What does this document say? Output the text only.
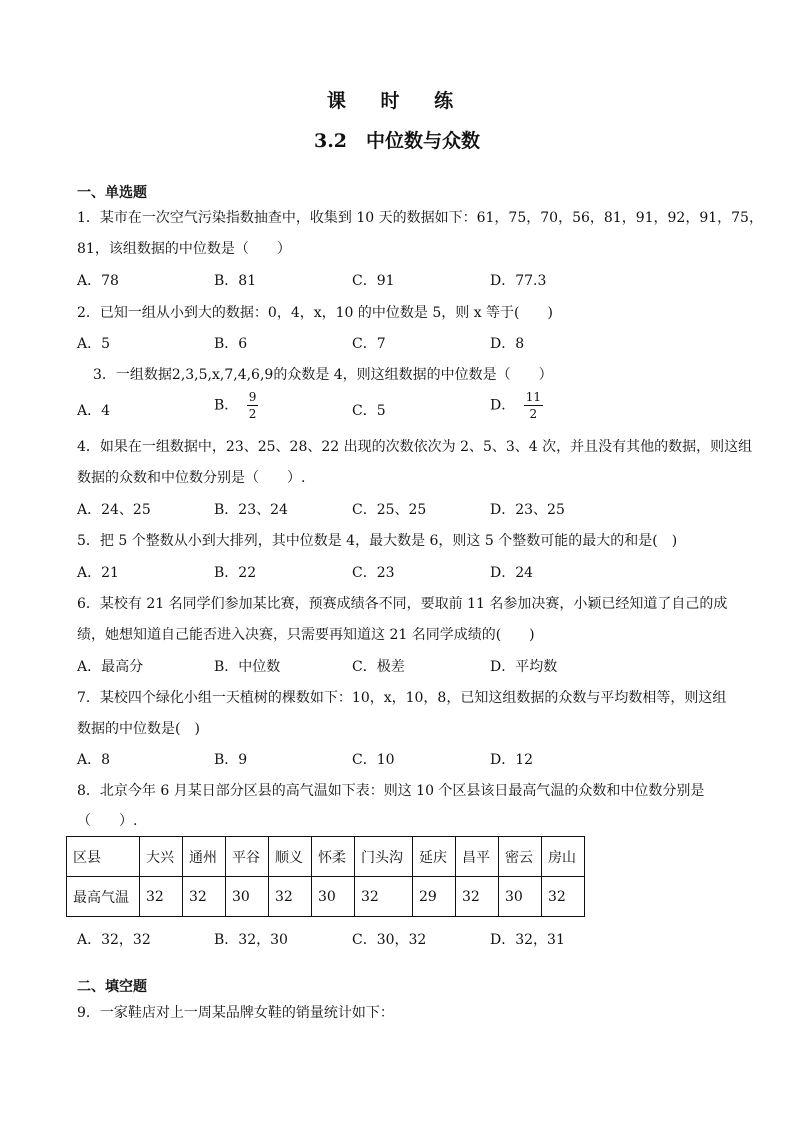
课 时 练
3.2　中位数与众数
一、单选题
1．某市在一次空气污染指数抽查中，收集到 10 天的数据如下：61，75，70，56，81，91，92，91，75，
81，该组数据的中位数是（　　）
A．78	B．81	C．91	D．77.3
2．已知一组从小到大的数据：0，4，x，10 的中位数是 5，则 x 等于(　　)
A．5	B．6	C．7	D．8
3．一组数据2,3,5,x,7,4,6,9的众数是 4，则这组数据的中位数是（　　）
A．4	B． $\frac{9}{2}$	C．5	D． $\frac{11}{2}$
4．如果在一组数据中，23、25、28、22 出现的次数依次为 2、5、3、4 次，并且没有其他的数据，则这组
数据的众数和中位数分别是（　　）.
A．24、25	B．23、24	C．25、25	D．23、25
5．把 5 个整数从小到大排列，其中位数是 4，最大数是 6，则这 5 个整数可能的最大的和是(　)
A．21	B．22	C．23	D．24
6．某校有 21 名同学们参加某比赛，预赛成绩各不同，要取前 11 名参加决赛，小颖已经知道了自己的成
绩，她想知道自己能否进入决赛，只需要再知道这 21 名同学成绩的(　　)
A．最高分	B．中位数	C．极差	D．平均数
7．某校四个绿化小组一天植树的棵数如下：10，x，10，8，已知这组数据的众数与平均数相等，则这组
数据的中位数是(　)
A．8	B．9	C．10	D．12
8．北京今年 6 月某日部分区县的高气温如下表：则这 10 个区县该日最高气温的众数和中位数分别是
（　　）.
区县	大兴	通州	平谷	顺义	怀柔	门头沟	延庆	昌平	密云	房山
最高气温	32	32	30	32	30	32	29	32	30	32
A．32，32	B．32，30	C．30，32	D．32，31
二、填空题
9．一家鞋店对上一周某品牌女鞋的销量统计如下：
